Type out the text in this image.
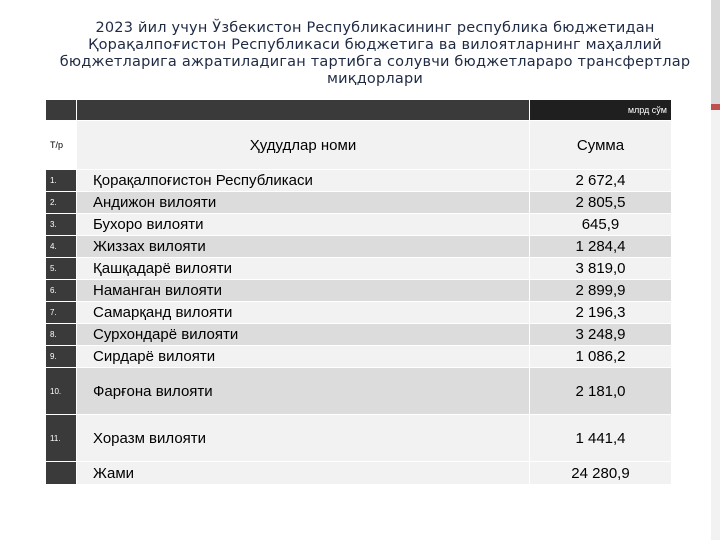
2023 йил учун Ўзбекистон Республикасининг республика бюджетидан Қорақалпоғистон Республикаси бюджетига ва вилоятларнинг маҳаллий бюджетларига ажратиладиган тартибга солувчи бюджетлараро трансфертлар миқдорлари
		млрд сўм
Т/р	Ҳудудлар номи	Сумма
1.	Қорақалпоғистон Республикаси	2 672,4
2.	Андижон вилояти	2 805,5
3.	Бухоро вилояти	645,9
4.	Жиззах вилояти	1 284,4
5.	Қашқадарё вилояти	3 819,0
6.	Наманган вилояти	2 899,9
7.	Самарқанд вилояти	2 196,3
8.	Сурхондарё вилояти	3 248,9
9.	Сирдарё вилояти	1 086,2
10.	Фарғона вилояти	2 181,0
11.	Хоразм вилояти	1 441,4
	Жами	24 280,9
